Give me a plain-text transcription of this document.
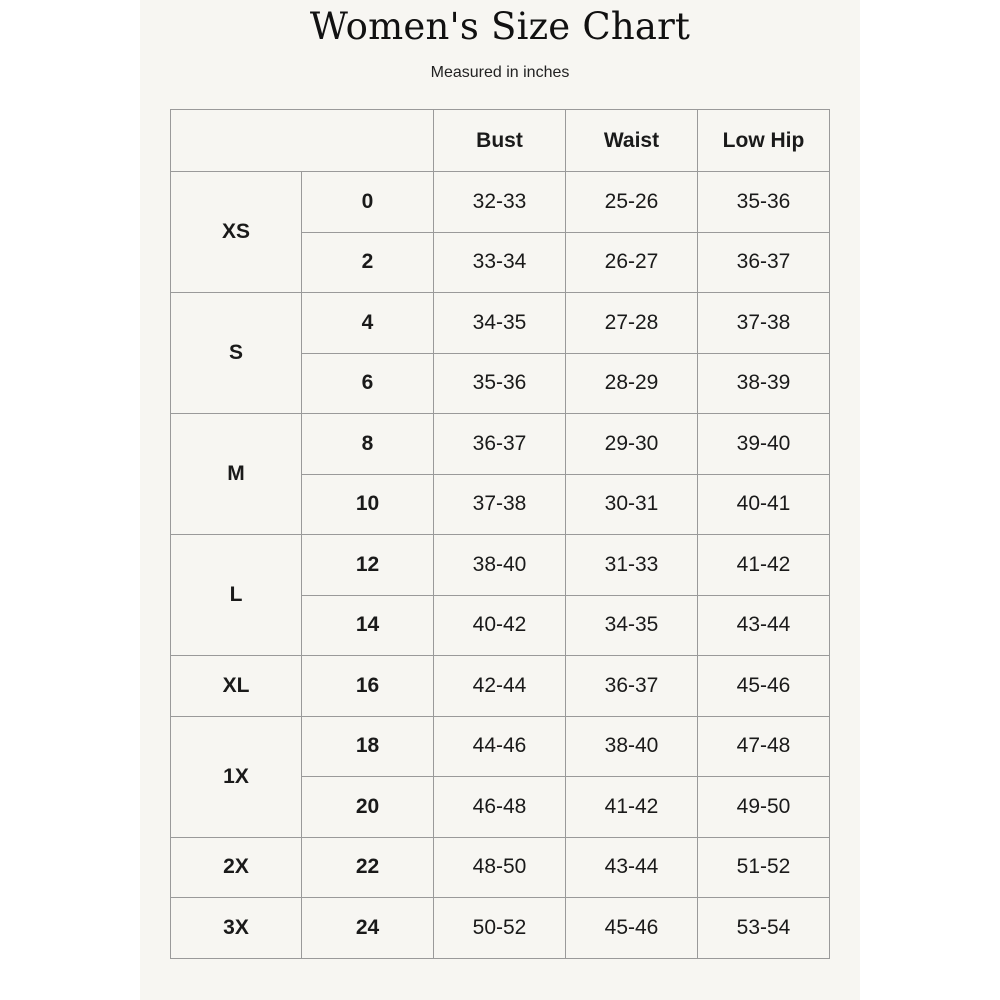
Women's Size Chart
Measured in inches
		Bust	Waist	Low Hip
XS	0	32-33	25-26	35-36
	2	33-34	26-27	36-37
S	4	34-35	27-28	37-38
	6	35-36	28-29	38-39
M	8	36-37	29-30	39-40
	10	37-38	30-31	40-41
L	12	38-40	31-33	41-42
	14	40-42	34-35	43-44
XL	16	42-44	36-37	45-46
1X	18	44-46	38-40	47-48
	20	46-48	41-42	49-50
2X	22	48-50	43-44	51-52
3X	24	50-52	45-46	53-54
